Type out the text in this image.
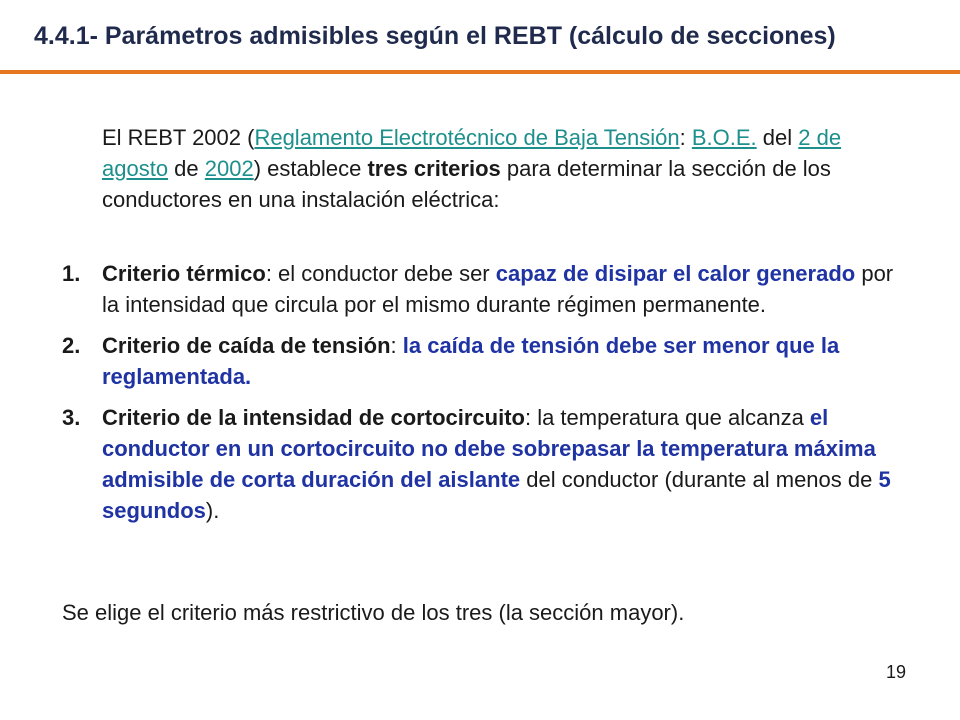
4.4.1- Parámetros admisibles según el REBT (cálculo de secciones)

El REBT 2002 (Reglamento Electrotécnico de Baja Tensión: B.O.E. del 2 de agosto de 2002) establece tres criterios para determinar la sección de los conductores en una instalación eléctrica:

1. Criterio térmico: el conductor debe ser capaz de disipar el calor generado por la intensidad que circula por el mismo durante régimen permanente.
2. Criterio de caída de tensión: la caída de tensión debe ser menor que la reglamentada.
3. Criterio de la intensidad de cortocircuito: la temperatura que alcanza el conductor en un cortocircuito no debe sobrepasar la temperatura máxima admisible de corta duración del aislante del conductor (durante al menos de 5 segundos).

Se elige el criterio más restrictivo de los tres (la sección mayor).

19
